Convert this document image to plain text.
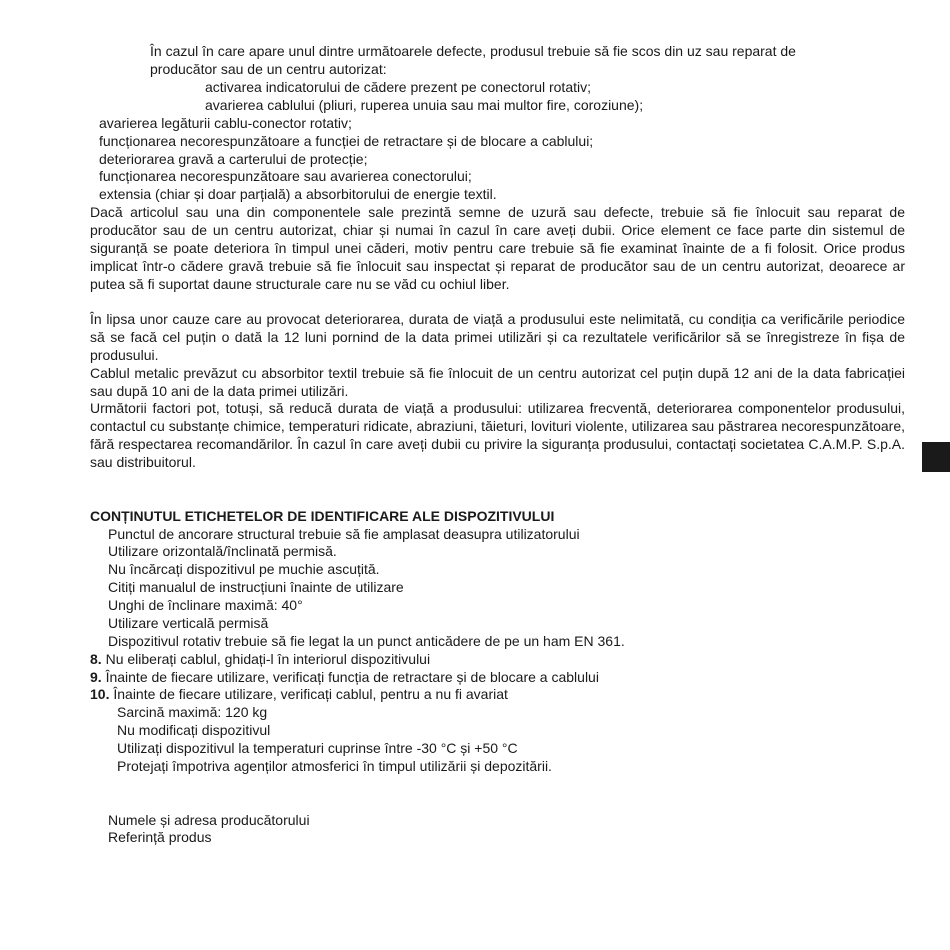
În cazul în care apare unul dintre următoarele defecte, produsul trebuie să fie scos din uz sau reparat de
producător sau de un centru autorizat:
activarea indicatorului de cădere prezent pe conectorul rotativ;
avarierea cablului (pliuri, ruperea unuia sau mai multor fire, coroziune);
avarierea legăturii cablu-conector rotativ;
funcționarea necorespunzătoare a funcției de retractare și de blocare a cablului;
deteriorarea gravă a carterului de protecție;
funcționarea necorespunzătoare sau avarierea conectorului;
extensia (chiar și doar parțială) a absorbitorului de energie textil.
Dacă articolul sau una din componentele sale prezintă semne de uzură sau defecte, trebuie să fie înlocuit sau reparat de producător sau de un centru autorizat, chiar și numai în cazul în care aveți dubii. Orice element ce face parte din sistemul de siguranță se poate deteriora în timpul unei căderi, motiv pentru care trebuie să fie examinat înainte de a fi folosit. Orice produs implicat într-o cădere gravă trebuie să fie înlocuit sau inspectat și reparat de producător sau de un centru autorizat, deoarece ar putea să fi suportat daune structurale care nu se văd cu ochiul liber.
În lipsa unor cauze care au provocat deteriorarea, durata de viață a produsului este nelimitată, cu condiția ca verificările periodice să se facă cel puțin o dată la 12 luni pornind de la data primei utilizări și ca rezultatele verificărilor să se înregistreze în fișa de produsului.
Cablul metalic prevăzut cu absorbitor textil trebuie să fie înlocuit de un centru autorizat cel puțin după 12 ani de la data fabricației sau după 10 ani de la data primei utilizări.
Următorii factori pot, totuși, să reducă durata de viață a produsului: utilizarea frecventă, deteriorarea componentelor produsului, contactul cu substanțe chimice, temperaturi ridicate, abraziuni, tăieturi, lovituri violente, utilizarea sau păstrarea necorespunzătoare, fără respectarea recomandărilor. În cazul în care aveți dubii cu privire la siguranța produsului, contactați societatea C.A.M.P. S.p.A. sau distribuitorul.
CONȚINUTUL ETICHETELOR DE IDENTIFICARE ALE DISPOZITIVULUI
Punctul de ancorare structural trebuie să fie amplasat deasupra utilizatorului
Utilizare orizontală/înclinată permisă.
Nu încărcați dispozitivul pe muchie ascuțită.
Citiți manualul de instrucțiuni înainte de utilizare
Unghi de înclinare maximă: 40°
Utilizare verticală permisă
Dispozitivul rotativ trebuie să fie legat la un punct anticădere de pe un ham EN 361.
8. Nu eliberați cablul, ghidați-l în interiorul dispozitivului
9. Înainte de fiecare utilizare, verificați funcția de retractare și de blocare a cablului
10. Înainte de fiecare utilizare, verificați cablul, pentru a nu fi avariat
Sarcină maximă: 120 kg
Nu modificați dispozitivul
Utilizați dispozitivul la temperaturi cuprinse între -30 °C și +50 °C
Protejați împotriva agenților atmosferici în timpul utilizării și depozitării.
Numele și adresa producătorului
Referință produs
